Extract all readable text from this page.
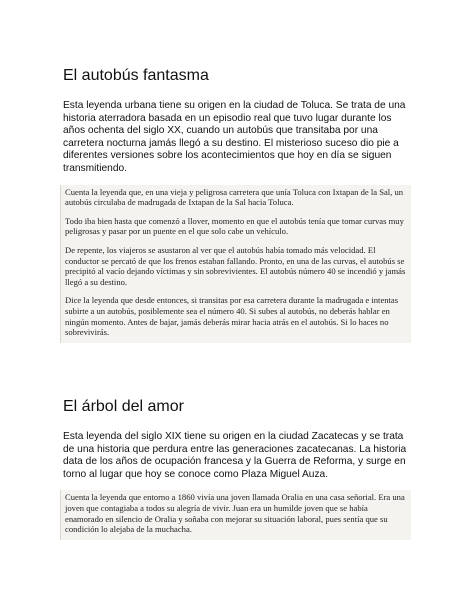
El autobús fantasma

Esta leyenda urbana tiene su origen en la ciudad de Toluca. Se trata de una historia aterradora basada en un episodio real que tuvo lugar durante los años ochenta del siglo XX, cuando un autobús que transitaba por una carretera nocturna jamás llegó a su destino. El misterioso suceso dio pie a diferentes versiones sobre los acontecimientos que hoy en día se siguen transmitiendo.

Cuenta la leyenda que, en una vieja y peligrosa carretera que unía Toluca con Ixtapan de la Sal, un autobús circulaba de madrugada de Ixtapan de la Sal hacia Toluca.

Todo iba bien hasta que comenzó a llover, momento en que el autobús tenía que tomar curvas muy peligrosas y pasar por un puente en el que solo cabe un vehículo.

De repente, los viajeros se asustaron al ver que el autobús había tomado más velocidad. El conductor se percató de que los frenos estaban fallando. Pronto, en una de las curvas, el autobús se precipitó al vacío dejando víctimas y sin sobrevivientes. El autobús número 40 se incendió y jamás llegó a su destino.

Dice la leyenda que desde entonces, si transitas por esa carretera durante la madrugada e intentas subirte a un autobús, posiblemente sea el número 40. Si subes al autobús, no deberás hablar en ningún momento. Antes de bajar, jamás deberás mirar hacia atrás en el autobús. Si lo haces no sobrevivirás.

El árbol del amor

Esta leyenda del siglo XIX tiene su origen en la ciudad Zacatecas y se trata de una historia que perdura entre las generaciones zacatecanas. La historia data de los años de ocupación francesa y la Guerra de Reforma, y surge en torno al lugar que hoy se conoce como Plaza Miguel Auza.

Cuenta la leyenda que entorno a 1860 vivía una joven llamada Oralia en una casa señorial. Era una joven que contagiaba a todos su alegría de vivir. Juan era un humilde joven que se había enamorado en silencio de Oralia y soñaba con mejorar su situación laboral, pues sentía que su condición lo alejaba de la muchacha.
